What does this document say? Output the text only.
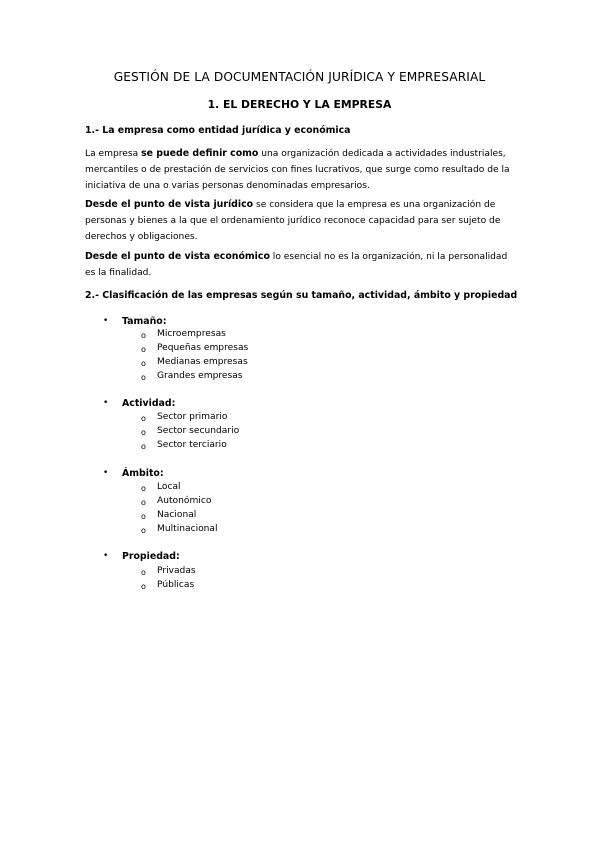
GESTIÓN DE LA DOCUMENTACIÓN JURÍDICA Y EMPRESARIAL
1. EL DERECHO Y LA EMPRESA
1.- La empresa como entidad jurídica y económica
La empresa se puede definir como una organización dedicada a actividades industriales, mercantiles o de prestación de servicios con fines lucrativos, que surge como resultado de la iniciativa de una o varias personas denominadas empresarios.
Desde el punto de vista jurídico se considera que la empresa es una organización de personas y bienes a la que el ordenamiento jurídico reconoce capacidad para ser sujeto de derechos y obligaciones.
Desde el punto de vista económico lo esencial no es la organización, ni la personalidad es la finalidad.
2.- Clasificación de las empresas según su tamaño, actividad, ámbito y propiedad
• Tamaño:
o Microempresas
o Pequeñas empresas
o Medianas empresas
o Grandes empresas
• Actividad:
o Sector primario
o Sector secundario
o Sector terciario
• Ámbito:
o Local
o Autonómico
o Nacional
o Multinacional
• Propiedad:
o Privadas
o Públicas
